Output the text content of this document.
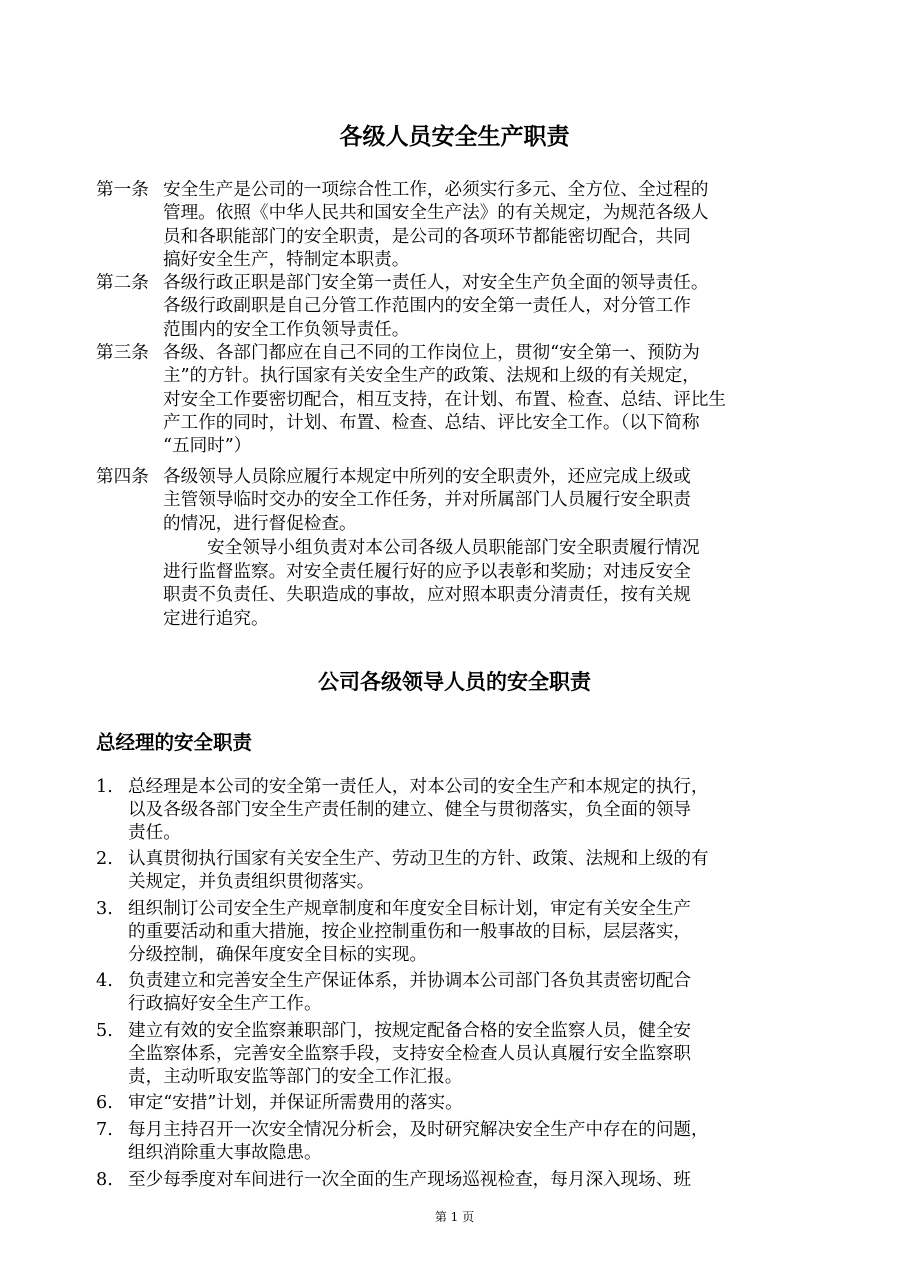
各级人员安全生产职责
第一条 安全生产是公司的一项综合性工作，必须实行多元、全方位、全过程的
管理。依照《中华人民共和国安全生产法》的有关规定，为规范各级人
员和各职能部门的安全职责，是公司的各项环节都能密切配合，共同
搞好安全生产，特制定本职责。
第二条 各级行政正职是部门安全第一责任人，对安全生产负全面的领导责任。
各级行政副职是自己分管工作范围内的安全第一责任人，对分管工作
范围内的安全工作负领导责任。
第三条 各级、各部门都应在自己不同的工作岗位上，贯彻“安全第一、预防为
主”的方针。执行国家有关安全生产的政策、法规和上级的有关规定，
对安全工作要密切配合，相互支持，在计划、布置、检查、总结、评比生
产工作的同时，计划、布置、检查、总结、评比安全工作。（以下简称
“五同时”）
第四条 各级领导人员除应履行本规定中所列的安全职责外，还应完成上级或
主管领导临时交办的安全工作任务，并对所属部门人员履行安全职责
的情况，进行督促检查。
安全领导小组负责对本公司各级人员职能部门安全职责履行情况
进行监督监察。对安全责任履行好的应予以表彰和奖励；对违反安全
职责不负责任、失职造成的事故，应对照本职责分清责任，按有关规
定进行追究。
公司各级领导人员的安全职责
总经理的安全职责
1. 总经理是本公司的安全第一责任人，对本公司的安全生产和本规定的执行，
以及各级各部门安全生产责任制的建立、健全与贯彻落实，负全面的领导
责任。
2. 认真贯彻执行国家有关安全生产、劳动卫生的方针、政策、法规和上级的有
关规定，并负责组织贯彻落实。
3. 组织制订公司安全生产规章制度和年度安全目标计划，审定有关安全生产
的重要活动和重大措施，按企业控制重伤和一般事故的目标，层层落实，
分级控制，确保年度安全目标的实现。
4. 负责建立和完善安全生产保证体系，并协调本公司部门各负其责密切配合
行政搞好安全生产工作。
5. 建立有效的安全监察兼职部门，按规定配备合格的安全监察人员，健全安
全监察体系，完善安全监察手段，支持安全检查人员认真履行安全监察职
责，主动听取安监等部门的安全工作汇报。
6. 审定“安措”计划，并保证所需费用的落实。
7. 每月主持召开一次安全情况分析会，及时研究解决安全生产中存在的问题，
组织消除重大事故隐患。
8. 至少每季度对车间进行一次全面的生产现场巡视检查，每月深入现场、班
第 1 页
